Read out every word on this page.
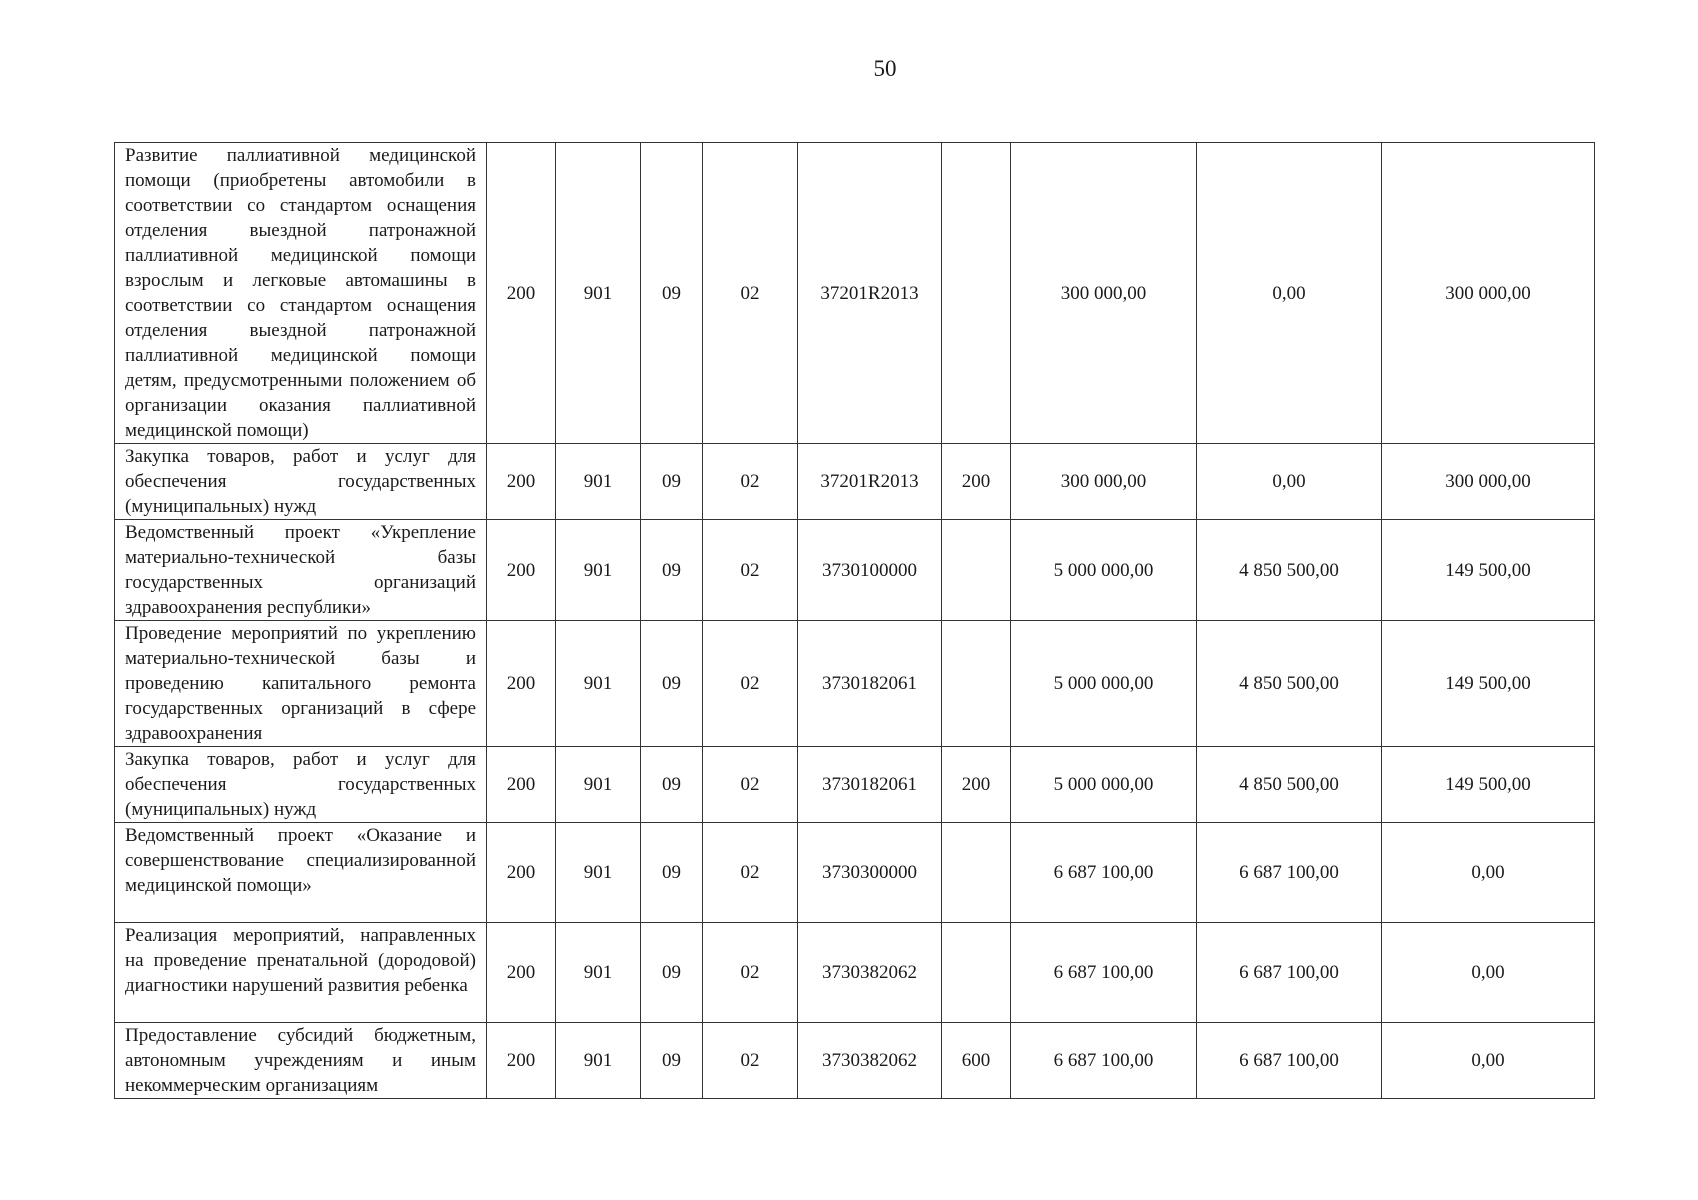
50
Развитие паллиативной медицинской помощи (приобретены автомобили в соответствии со стандартом оснащения отделения выездной патронажной паллиативной медицинской помощи взрослым и легковые автомашины в соответствии со стандартом оснащения отделения выездной патронажной паллиативной медицинской помощи детям, предусмотренными положением об организации оказания паллиативной медицинской помощи)	200	901	09	02	37201R2013		300 000,00	0,00	300 000,00
Закупка товаров, работ и услуг для обеспечения государственных (муниципальных) нужд	200	901	09	02	37201R2013	200	300 000,00	0,00	300 000,00
Ведомственный проект «Укрепление материально-технической базы государственных организаций здравоохранения республики»	200	901	09	02	3730100000		5 000 000,00	4 850 500,00	149 500,00
Проведение мероприятий по укреплению материально-технической базы и проведению капитального ремонта государственных организаций в сфере здравоохранения	200	901	09	02	3730182061		5 000 000,00	4 850 500,00	149 500,00
Закупка товаров, работ и услуг для обеспечения государственных (муниципальных) нужд	200	901	09	02	3730182061	200	5 000 000,00	4 850 500,00	149 500,00
Ведомственный проект «Оказание и совершенствование специализированной медицинской помощи»	200	901	09	02	3730300000		6 687 100,00	6 687 100,00	0,00
Реализация мероприятий, направленных на проведение пренатальной (дородовой) диагностики нарушений развития ребенка	200	901	09	02	3730382062		6 687 100,00	6 687 100,00	0,00
Предоставление субсидий бюджетным, автономным учреждениям и иным некоммерческим организациям	200	901	09	02	3730382062	600	6 687 100,00	6 687 100,00	0,00
